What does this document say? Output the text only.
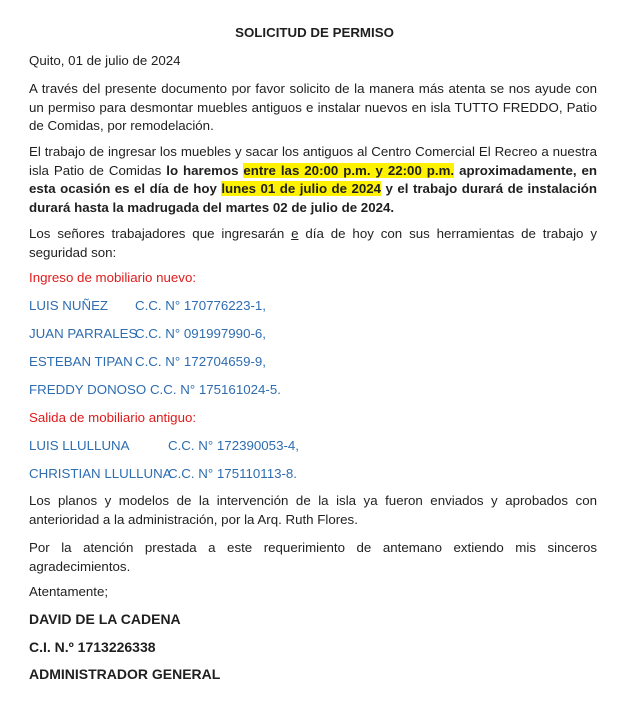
SOLICITUD DE PERMISO
Quito, 01 de julio de 2024
A través del presente documento por favor solicito de la manera más atenta se nos ayude con un permiso para desmontar muebles antiguos e instalar nuevos en isla TUTTO FREDDO, Patio de Comidas, por remodelación.
El trabajo de ingresar los muebles y sacar los antiguos al Centro Comercial El Recreo a nuestra isla Patio de Comidas lo haremos entre las 20:00 p.m. y 22:00 p.m. aproximadamente, en esta ocasión es el día de hoy lunes 01 de julio de 2024 y el trabajo durará de instalación durará hasta la madrugada del martes 02 de julio de 2024.
Los señores trabajadores que ingresarán e día de hoy con sus herramientas de trabajo y seguridad son:
Ingreso de mobiliario nuevo:
LUIS NUÑEZ C.C. N° 170776223-1,
JUAN PARRALESC.C. N° 091997990-6,
ESTEBAN TIPAN C.C. N° 172704659-9,
FREDDY DONOSO C.C. N° 175161024-5.
Salida de mobiliario antiguo:
LUIS LLULLUNA	C.C. N° 172390053-4,
CHRISTIAN LLULLUNAC.C. N° 175110113-8.
Los planos y modelos de la intervención de la isla ya fueron enviados y aprobados con anterioridad a la administración, por la Arq. Ruth Flores.
Por la atención prestada a este requerimiento de antemano extiendo mis sinceros agradecimientos.
Atentamente;
DAVID DE LA CADENA
C.I. N.º 1713226338
ADMINISTRADOR GENERAL
